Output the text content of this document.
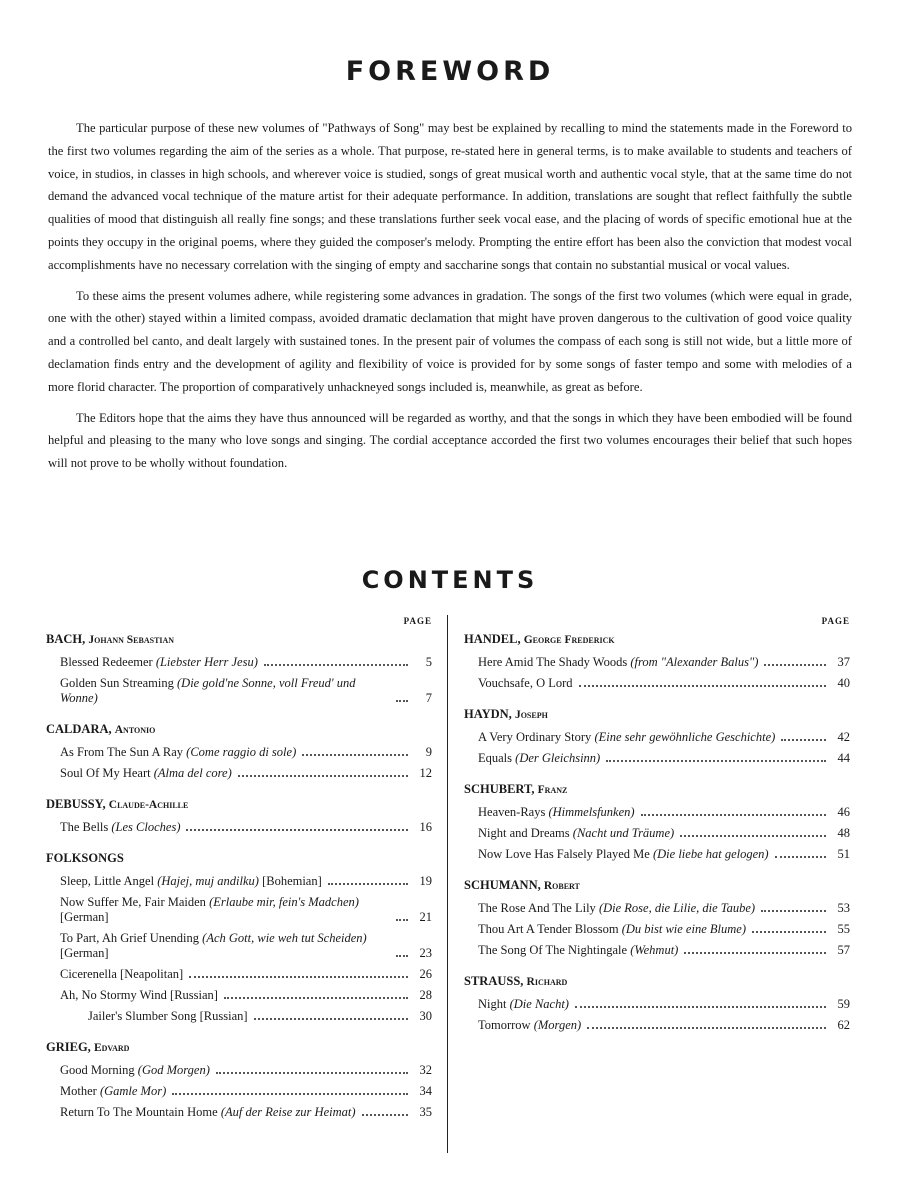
FOREWORD

The particular purpose of these new volumes of "Pathways of Song" may best be explained by recalling to mind the statements made in the Foreword to the first two volumes regarding the aim of the series as a whole. That purpose, re-stated here in general terms, is to make available to students and teachers of voice, in studios, in classes in high schools, and wherever voice is studied, songs of great musical worth and authentic vocal style, that at the same time do not demand the advanced vocal technique of the mature artist for their adequate performance. In addition, translations are sought that reflect faithfully the subtle qualities of mood that distinguish all really fine songs; and these translations further seek vocal ease, and the placing of words of specific emotional hue at the points they occupy in the original poems, where they guided the composer's melody. Prompting the entire effort has been also the conviction that modest vocal accomplishments have no necessary correlation with the singing of empty and saccharine songs that contain no substantial musical or vocal values.

To these aims the present volumes adhere, while registering some advances in gradation. The songs of the first two volumes (which were equal in grade, one with the other) stayed within a limited compass, avoided dramatic declamation that might have proven dangerous to the cultivation of good voice quality and a controlled bel canto, and dealt largely with sustained tones. In the present pair of volumes the compass of each song is still not wide, but a little more of declamation finds entry and the development of agility and flexibility of voice is provided for by some songs of faster tempo and some with melodies of a more florid character. The proportion of comparatively unhackneyed songs included is, meanwhile, as great as before.

The Editors hope that the aims they have thus announced will be regarded as worthy, and that the songs in which they have been embodied will be found helpful and pleasing to the many who love songs and singing. The cordial acceptance accorded the first two volumes encourages their belief that such hopes will not prove to be wholly without foundation.

CONTENTS
PAGE
BACH, Johann Sebastian
Blessed Redeemer (Liebster Herr Jesu)	5
Golden Sun Streaming (Die gold'ne Sonne, voll Freud' und Wonne)	7
CALDARA, Antonio
As From The Sun A Ray (Come raggio di sole)	9
Soul Of My Heart (Alma del core)	12
DEBUSSY, Claude-Achille
The Bells (Les Cloches)	16
FOLKSONGS
Sleep, Little Angel (Hajej, muj andilku) [Bohemian]	19
Now Suffer Me, Fair Maiden (Erlaube mir, fein's Madchen) [German]	21
To Part, Ah Grief Unending (Ach Gott, wie weh tut Scheiden) [German]	23
Cicerenella [Neapolitan]	26
Ah, No Stormy Wind [Russian]	28
Jailer's Slumber Song [Russian]	30
GRIEG, Edvard
Good Morning (God Morgen)	32
Mother (Gamle Mor)	34
Return To The Mountain Home (Auf der Reise zur Heimat)	35
PAGE
HANDEL, George Frederick
Here Amid The Shady Woods (from "Alexander Balus")	37
Vouchsafe, O Lord	40
HAYDN, Joseph
A Very Ordinary Story (Eine sehr gewöhnliche Geschichte)	42
Equals (Der Gleichsinn)	44
SCHUBERT, Franz
Heaven-Rays (Himmelsfunken)	46
Night and Dreams (Nacht und Träume)	48
Now Love Has Falsely Played Me (Die liebe hat gelogen)	51
SCHUMANN, Robert
The Rose And The Lily (Die Rose, die Lilie, die Taube)	53
Thou Art A Tender Blossom (Du bist wie eine Blume)	55
The Song Of The Nightingale (Wehmut)	57
STRAUSS, Richard
Night (Die Nacht)	59
Tomorrow (Morgen)	62
